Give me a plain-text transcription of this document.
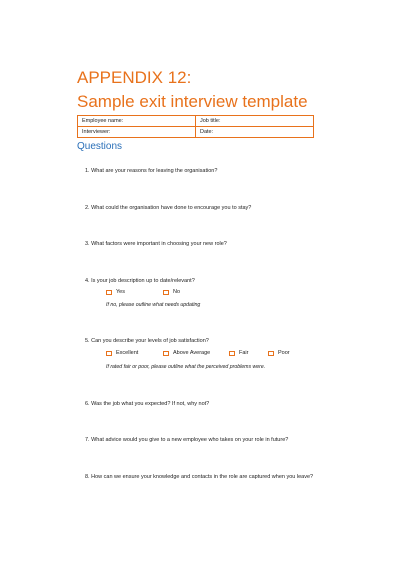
APPENDIX 12:
Sample exit interview template
Employee name:	Job title:
Interviewer:	Date:
Questions
1. What are your reasons for leaving the organisation?
2. What could the organisation have done to encourage you to stay?
3. What factors were important in choosing your new role?
4. Is your job description up to date/relevant?
Yes	No
If no, please outline what needs updating
5. Can you describe your levels of job satisfaction?
Excellent	Above Average	Fair	Poor
If rated fair or poor, please outline what the perceived problems were.
6. Was the job what you expected? If not, why not?
7. What advice would you give to a new employee who takes on your role in future?
8. How can we ensure your knowledge and contacts in the role are captured when you leave?
